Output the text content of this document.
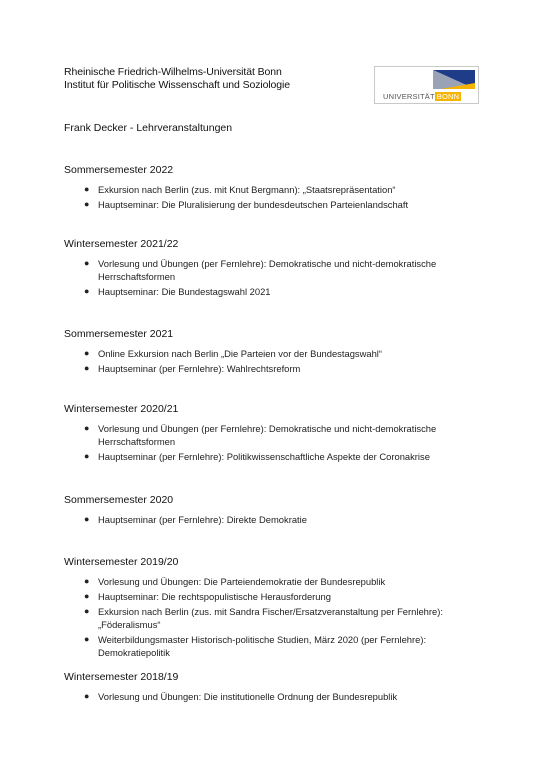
Rheinische Friedrich-Wilhelms-Universität Bonn
Institut für Politische Wissenschaft und Soziologie
UNIVERSITÄT BONN
Frank Decker - Lehrveranstaltungen
Sommersemester 2022
● Exkursion nach Berlin (zus. mit Knut Bergmann): „Staatsrepräsentation“
● Hauptseminar: Die Pluralisierung der bundesdeutschen Parteienlandschaft
Wintersemester 2021/22
● Vorlesung und Übungen (per Fernlehre): Demokratische und nicht-demokratische Herrschaftsformen
● Hauptseminar: Die Bundestagswahl 2021
Sommersemester 2021
● Online Exkursion nach Berlin „Die Parteien vor der Bundestagswahl“
● Hauptseminar (per Fernlehre): Wahlrechtsreform
Wintersemester 2020/21
● Vorlesung und Übungen (per Fernlehre): Demokratische und nicht-demokratische Herrschaftsformen
● Hauptseminar (per Fernlehre): Politikwissenschaftliche Aspekte der Coronakrise
Sommersemester 2020
● Hauptseminar (per Fernlehre): Direkte Demokratie
Wintersemester 2019/20
● Vorlesung und Übungen: Die Parteiendemokratie der Bundesrepublik
● Hauptseminar: Die rechtspopulistische Herausforderung
● Exkursion nach Berlin (zus. mit Sandra Fischer/Ersatzveranstaltung per Fernlehre): „Föderalismus“
● Weiterbildungsmaster Historisch-politische Studien, März 2020 (per Fernlehre): Demokratiepolitik
Wintersemester 2018/19
● Vorlesung und Übungen: Die institutionelle Ordnung der Bundesrepublik
